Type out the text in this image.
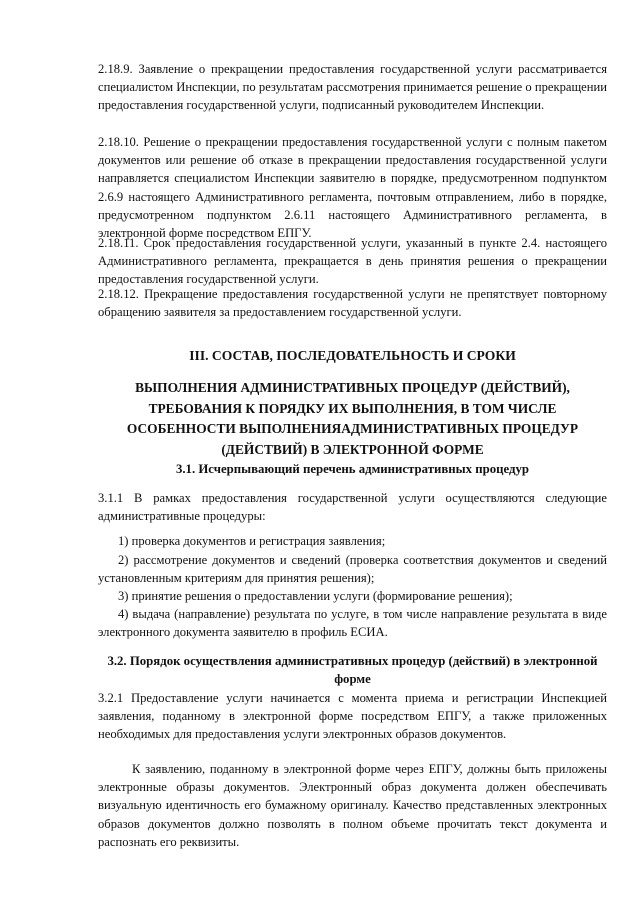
2.18.9. Заявление о прекращении предоставления государственной услуги рассматривается специалистом Инспекции, по результатам рассмотрения принимается решение о прекращении предоставления государственной услуги, подписанный руководителем Инспекции.

2.18.10. Решение о прекращении предоставления государственной услуги с полным пакетом документов или решение об отказе в прекращении предоставления государственной услуги направляется специалистом Инспекции заявителю в порядке, предусмотренном подпунктом 2.6.9 настоящего Административного регламента, почтовым отправлением, либо в порядке, предусмотренном подпунктом 2.6.11 настоящего Административного регламента, в электронной форме посредством ЕПГУ.

2.18.11. Срок предоставления государственной услуги, указанный в пункте 2.4. настоящего Административного регламента, прекращается в день принятия решения о прекращении предоставления государственной услуги.

2.18.12. Прекращение предоставления государственной услуги не препятствует повторному обращению заявителя за предоставлением государственной услуги.

III. СОСТАВ, ПОСЛЕДОВАТЕЛЬНОСТЬ И СРОКИ

ВЫПОЛНЕНИЯ АДМИНИСТРАТИВНЫХ ПРОЦЕДУР (ДЕЙСТВИЙ), ТРЕБОВАНИЯ К ПОРЯДКУ ИХ ВЫПОЛНЕНИЯ, В ТОМ ЧИСЛЕ ОСОБЕННОСТИ ВЫПОЛНЕНИЯАДМИНИСТРАТИВНЫХ ПРОЦЕДУР (ДЕЙСТВИЙ) В ЭЛЕКТРОННОЙ ФОРМЕ

3.1. Исчерпывающий перечень административных процедур

3.1.1 В рамках предоставления государственной услуги осуществляются следующие административные процедуры:

1) проверка документов и регистрация заявления;

2) рассмотрение документов и сведений (проверка соответствия документов и сведений установленным критериям для принятия решения);

3) принятие решения о предоставлении услуги (формирование решения);

4) выдача (направление) результата по услуге, в том числе направление результата в виде электронного документа заявителю в профиль ЕСИА.

3.2. Порядок осуществления административных процедур (действий) в электронной форме

3.2.1 Предоставление услуги начинается с момента приема и регистрации Инспекцией заявления, поданному в электронной форме посредством ЕПГУ, а также приложенных необходимых для предоставления услуги электронных образов документов.

К заявлению, поданному в электронной форме через ЕПГУ, должны быть приложены электронные образы документов. Электронный образ документа должен обеспечивать визуальную идентичность его бумажному оригиналу. Качество представленных электронных образов документов должно позволять в полном объеме прочитать текст документа и распознать его реквизиты.
